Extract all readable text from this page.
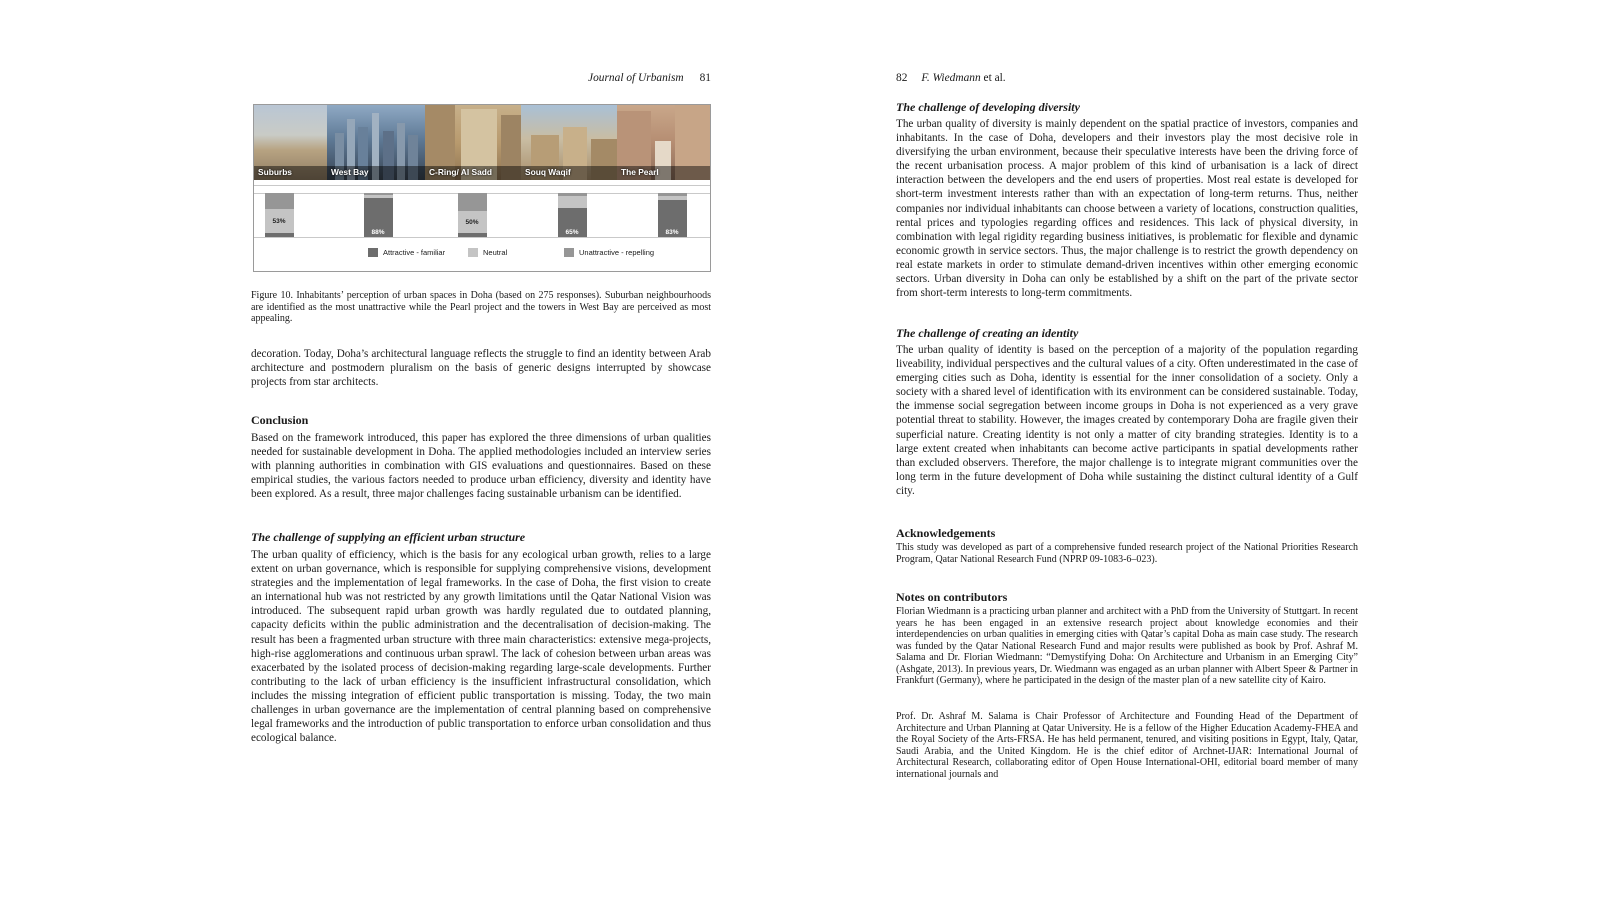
Journal of Urbanism 81
Suburbs	West Bay	C-Ring/ Al Sadd	Souq Waqif	The Pearl
53%
88%
50%
65%	83%
Attractive - familiar	Neutral	Unattractive - repelling
Figure 10. Inhabitants’ perception of urban spaces in Doha (based on 275 responses). Suburban neighbourhoods are identified as the most unattractive while the Pearl project and the towers in West Bay are perceived as most appealing.

decoration. Today, Doha’s architectural language reflects the struggle to find an identity between Arab architecture and postmodern pluralism on the basis of generic designs interrupted by showcase projects from star architects.

Conclusion

Based on the framework introduced, this paper has explored the three dimensions of urban qualities needed for sustainable development in Doha. The applied methodologies included an interview series with planning authorities in combination with GIS evaluations and questionnaires. Based on these empirical studies, the various factors needed to produce urban efficiency, diversity and identity have been explored. As a result, three major challenges facing sustainable urbanism can be identified.

The challenge of supplying an efficient urban structure

The urban quality of efficiency, which is the basis for any ecological urban growth, relies to a large extent on urban governance, which is responsible for supplying comprehensive visions, development strategies and the implementation of legal frameworks. In the case of Doha, the first vision to create an international hub was not restricted by any growth limitations until the Qatar National Vision was introduced. The subsequent rapid urban growth was hardly regulated due to outdated planning, capacity deficits within the public administration and the decentralisation of decision-making. The result has been a fragmented urban structure with three main characteristics: extensive mega-projects, high-rise agglomerations and continuous urban sprawl. The lack of cohesion between urban areas was exacerbated by the isolated process of decision-making regarding large-scale developments. Further contributing to the lack of urban efficiency is the insufficient infrastructural consolidation, which includes the missing integration of efficient public transportation is missing. Today, the two main challenges in urban governance are the implementation of central planning based on comprehensive legal frameworks and the introduction of public transportation to enforce urban consolidation and thus ecological balance.

82 F. Wiedmann et al.
The challenge of developing diversity

The urban quality of diversity is mainly dependent on the spatial practice of investors, companies and inhabitants. In the case of Doha, developers and their investors play the most decisive role in diversifying the urban environment, because their speculative interests have been the driving force of the recent urbanisation process. A major problem of this kind of urbanisation is a lack of direct interaction between the developers and the end users of properties. Most real estate is developed for short-term investment interests rather than with an expectation of long-term returns. Thus, neither companies nor individual inhabitants can choose between a variety of locations, construction qualities, rental prices and typologies regarding offices and residences. This lack of physical diversity, in combination with legal rigidity regarding business initiatives, is problematic for flexible and dynamic economic growth in service sectors. Thus, the major challenge is to restrict the growth dependency on real estate markets in order to stimulate demand-driven incentives within other emerging economic sectors. Urban diversity in Doha can only be established by a shift on the part of the private sector from short-term interests to long-term commitments.

The challenge of creating an identity

The urban quality of identity is based on the perception of a majority of the population regarding liveability, individual perspectives and the cultural values of a city. Often underestimated in the case of emerging cities such as Doha, identity is essential for the inner consolidation of a society. Only a society with a shared level of identification with its environment can be considered sustainable. Today, the immense social segregation between income groups in Doha is not experienced as a very grave potential threat to stability. However, the images created by contemporary Doha are fragile given their superficial nature. Creating identity is not only a matter of city branding strategies. Identity is to a large extent created when inhabitants can become active participants in spatial developments rather than excluded observers. Therefore, the major challenge is to integrate migrant communities over the long term in the future development of Doha while sustaining the distinct cultural identity of a Gulf city.

Acknowledgements

This study was developed as part of a comprehensive funded research project of the National Priorities Research Program, Qatar National Research Fund (NPRP 09-1083-6–023).

Notes on contributors

Florian Wiedmann is a practicing urban planner and architect with a PhD from the University of Stuttgart. In recent years he has been engaged in an extensive research project about knowledge economies and their interdependencies on urban qualities in emerging cities with Qatar’s capital Doha as main case study. The research was funded by the Qatar National Research Fund and major results were published as book by Prof. Ashraf M. Salama and Dr. Florian Wiedmann: “Demystifying Doha: On Architecture and Urbanism in an Emerging City” (Ashgate, 2013). In previous years, Dr. Wiedmann was engaged as an urban planner with Albert Speer & Partner in Frankfurt (Germany), where he participated in the design of the master plan of a new satellite city of Kairo.

Prof. Dr. Ashraf M. Salama is Chair Professor of Architecture and Founding Head of the Department of Architecture and Urban Planning at Qatar University. He is a fellow of the Higher Education Academy-FHEA and the Royal Society of the Arts-FRSA. He has held permanent, tenured, and visiting positions in Egypt, Italy, Qatar, Saudi Arabia, and the United Kingdom. He is the chief editor of Archnet-IJAR: International Journal of Architectural Research, collaborating editor of Open House International-OHI, editorial board member of many international journals and
